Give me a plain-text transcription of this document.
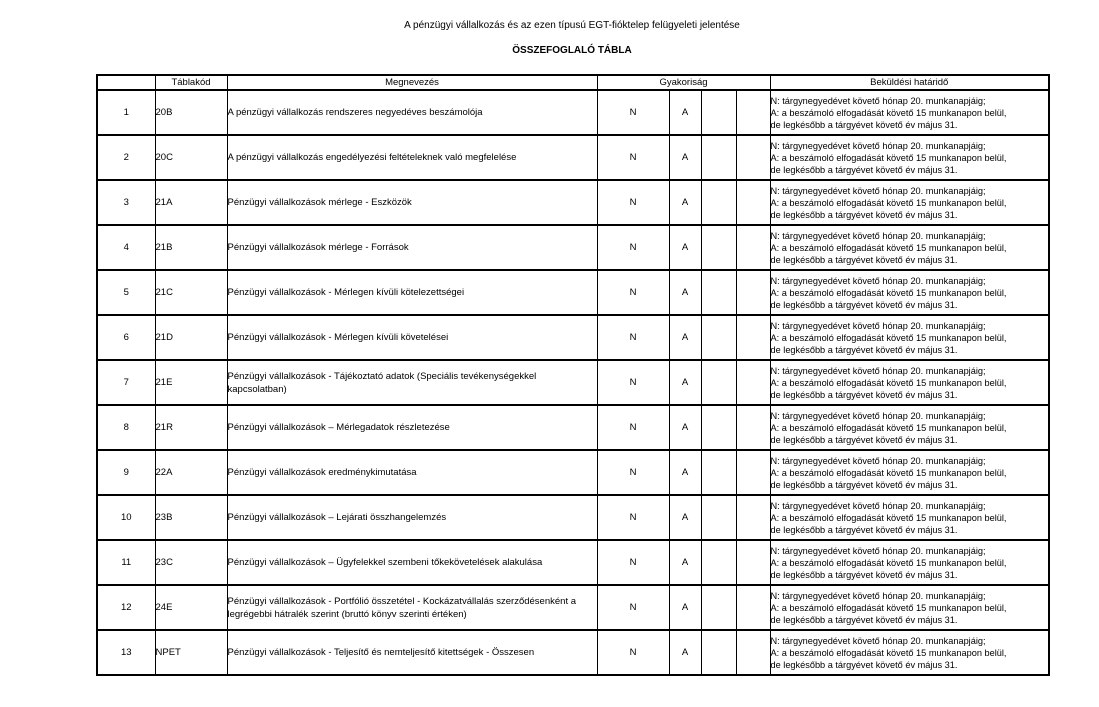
A pénzügyi vállalkozás és az ezen típusú EGT-fióktelep felügyeleti jelentése
ÖSSZEFOGLALÓ TÁBLA
	Táblakód	Megnevezés	Gyakoriság				Beküldési határidő
1	20B	A pénzügyi vállalkozás rendszeres negyedéves beszámolója	N	A			N: tárgynegyedévet követő hónap 20. munkanapjáig;
A: a beszámoló elfogadását követő 15 munkanapon belül,
de legkésőbb a tárgyévet követő év május 31.

2	20C	A pénzügyi vállalkozás engedélyezési feltételeknek való megfelelése	N	A			N: tárgynegyedévet követő hónap 20. munkanapjáig;
A: a beszámoló elfogadását követő 15 munkanapon belül,
de legkésőbb a tárgyévet követő év május 31.

3	21A	Pénzügyi vállalkozások mérlege - Eszközök	N	A			N: tárgynegyedévet követő hónap 20. munkanapjáig;
A: a beszámoló elfogadását követő 15 munkanapon belül,
de legkésőbb a tárgyévet követő év május 31.

4	21B	Pénzügyi vállalkozások mérlege - Források	N	A			N: tárgynegyedévet követő hónap 20. munkanapjáig;
A: a beszámoló elfogadását követő 15 munkanapon belül,
de legkésőbb a tárgyévet követő év május 31.

5	21C	Pénzügyi vállalkozások - Mérlegen kívüli kötelezettségei	N	A			N: tárgynegyedévet követő hónap 20. munkanapjáig;
A: a beszámoló elfogadását követő 15 munkanapon belül,
de legkésőbb a tárgyévet követő év május 31.

6	21D	Pénzügyi vállalkozások - Mérlegen kívüli követelései	N	A			N: tárgynegyedévet követő hónap 20. munkanapjáig;
A: a beszámoló elfogadását követő 15 munkanapon belül,
de legkésőbb a tárgyévet követő év május 31.

7	21E	Pénzügyi vállalkozások - Tájékoztató adatok (Speciális tevékenységekkel kapcsolatban)	N	A			N: tárgynegyedévet követő hónap 20. munkanapjáig;
A: a beszámoló elfogadását követő 15 munkanapon belül,
de legkésőbb a tárgyévet követő év május 31.

8	21R	Pénzügyi vállalkozások – Mérlegadatok részletezése	N	A			N: tárgynegyedévet követő hónap 20. munkanapjáig;
A: a beszámoló elfogadását követő 15 munkanapon belül,
de legkésőbb a tárgyévet követő év május 31.

9	22A	Pénzügyi vállalkozások eredménykimutatása	N	A			N: tárgynegyedévet követő hónap 20. munkanapjáig;
A: a beszámoló elfogadását követő 15 munkanapon belül,
de legkésőbb a tárgyévet követő év május 31.

10	23B	Pénzügyi vállalkozások – Lejárati összhangelemzés	N	A			N: tárgynegyedévet követő hónap 20. munkanapjáig;
A: a beszámoló elfogadását követő 15 munkanapon belül,
de legkésőbb a tárgyévet követő év május 31.

11	23C	Pénzügyi vállalkozások – Ügyfelekkel szembeni tőkekövetelések alakulása	N	A			N: tárgynegyedévet követő hónap 20. munkanapjáig;
A: a beszámoló elfogadását követő 15 munkanapon belül,
de legkésőbb a tárgyévet követő év május 31.

12	24E	Pénzügyi vállalkozások - Portfólió összetétel - Kockázatvállalás szerződésenként a legrégebbi hátralék szerint (bruttó könyv szerinti értéken)	N	A			N: tárgynegyedévet követő hónap 20. munkanapjáig;
A: a beszámoló elfogadását követő 15 munkanapon belül,
de legkésőbb a tárgyévet követő év május 31.

13	NPET	Pénzügyi vállalkozások - Teljesítő és nemteljesítő kitettségek - Összesen	N	A			N: tárgynegyedévet követő hónap 20. munkanapjáig;
A: a beszámoló elfogadását követő 15 munkanapon belül,
de legkésőbb a tárgyévet követő év május 31.
